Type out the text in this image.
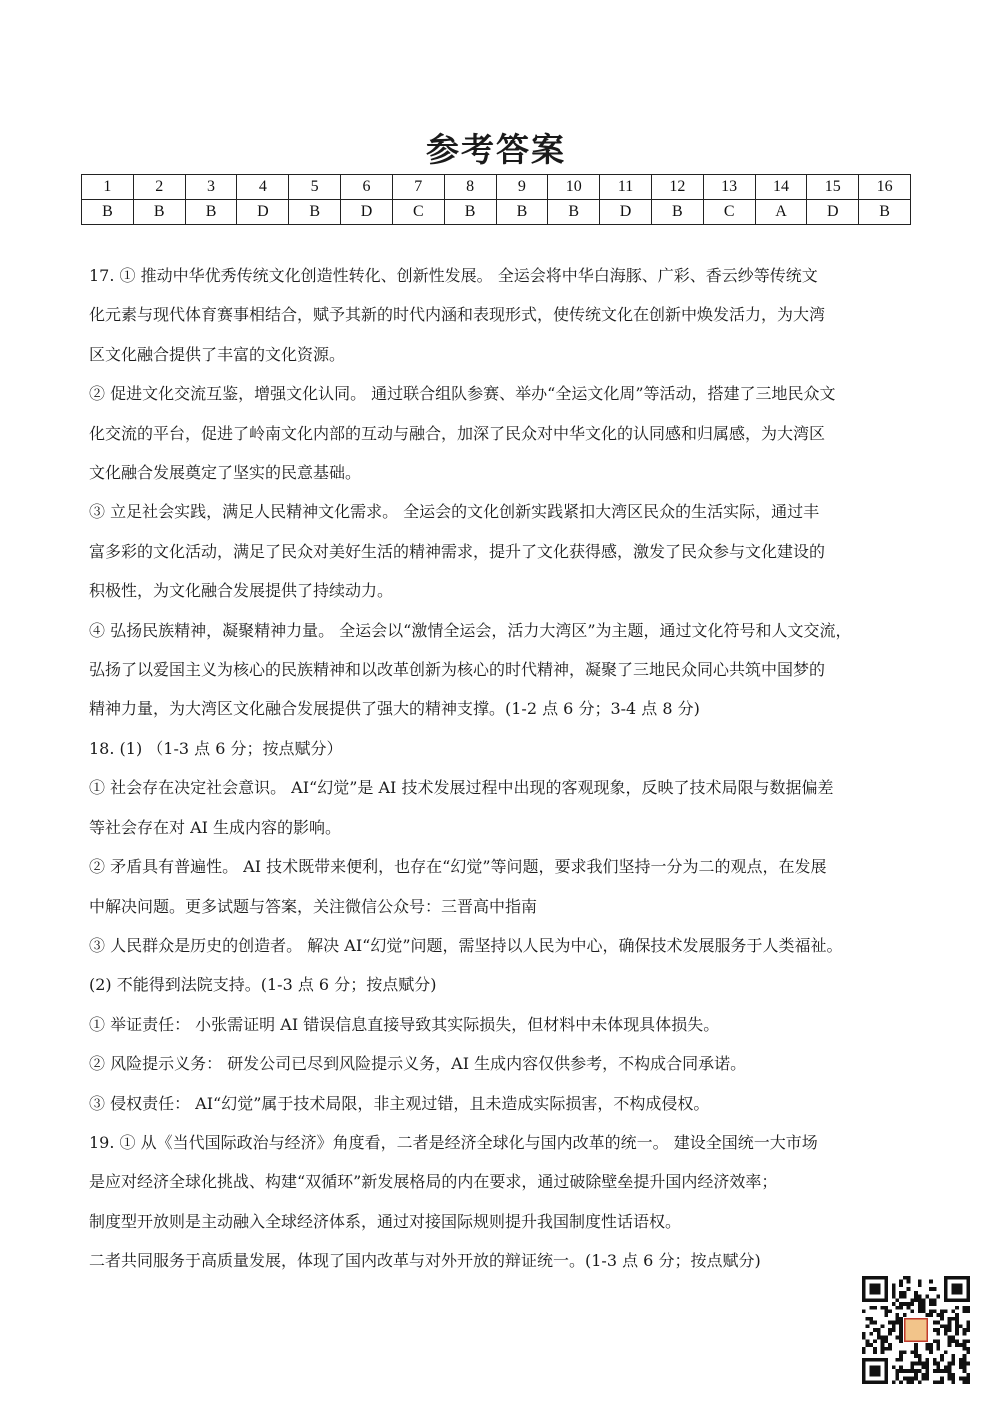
参考答案
1	2	3	4	5	6	7	8	9	10	11	12	13	14	15	16
B	B	B	D	B	D	C	B	B	B	D	B	C	A	D	B

17. ① 推动中华优秀传统文化创造性转化、创新性发展。 全运会将中华白海豚、广彩、香云纱等传统文

化元素与现代体育赛事相结合，赋予其新的时代内涵和表现形式，使传统文化在创新中焕发活力，为大湾

区文化融合提供了丰富的文化资源。

② 促进文化交流互鉴，增强文化认同。 通过联合组队参赛、举办“全运文化周”等活动，搭建了三地民众文

化交流的平台，促进了岭南文化内部的互动与融合，加深了民众对中华文化的认同感和归属感，为大湾区

文化融合发展奠定了坚实的民意基础。

③ 立足社会实践，满足人民精神文化需求。 全运会的文化创新实践紧扣大湾区民众的生活实际，通过丰

富多彩的文化活动，满足了民众对美好生活的精神需求，提升了文化获得感，激发了民众参与文化建设的

积极性，为文化融合发展提供了持续动力。

④ 弘扬民族精神，凝聚精神力量。 全运会以“激情全运会，活力大湾区”为主题，通过文化符号和人文交流，

弘扬了以爱国主义为核心的民族精神和以改革创新为核心的时代精神，凝聚了三地民众同心共筑中国梦的

精神力量，为大湾区文化融合发展提供了强大的精神支撑。(1-2 点 6 分；3-4 点 8 分)

18. (1) （1-3 点 6 分；按点赋分）

① 社会存在决定社会意识。 AI“幻觉”是 AI 技术发展过程中出现的客观现象，反映了技术局限与数据偏差

等社会存在对 AI 生成内容的影响。

② 矛盾具有普遍性。 AI 技术既带来便利，也存在“幻觉”等问题，要求我们坚持一分为二的观点，在发展

中解决问题。更多试题与答案，关注微信公众号：三晋高中指南

③ 人民群众是历史的创造者。 解决 AI“幻觉”问题，需坚持以人民为中心，确保技术发展服务于人类福祉。

(2) 不能得到法院支持。(1-3 点 6 分；按点赋分)

① 举证责任： 小张需证明 AI 错误信息直接导致其实际损失，但材料中未体现具体损失。

② 风险提示义务： 研发公司已尽到风险提示义务，AI 生成内容仅供参考，不构成合同承诺。

③ 侵权责任： AI“幻觉”属于技术局限，非主观过错，且未造成实际损害，不构成侵权。

19. ① 从《当代国际政治与经济》角度看，二者是经济全球化与国内改革的统一。 建设全国统一大市场

是应对经济全球化挑战、构建“双循环”新发展格局的内在要求，通过破除壁垒提升国内经济效率；

制度型开放则是主动融入全球经济体系，通过对接国际规则提升我国制度性话语权。

二者共同服务于高质量发展，体现了国内改革与对外开放的辩证统一。(1-3 点 6 分；按点赋分)
